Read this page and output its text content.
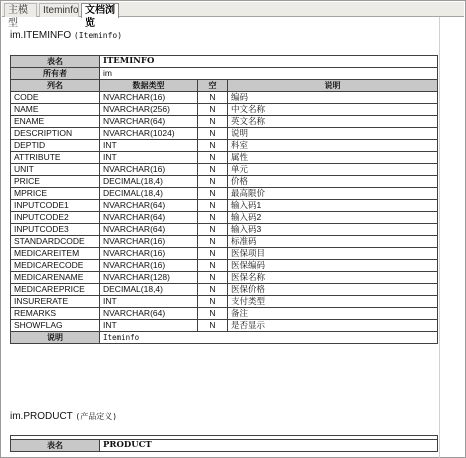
主模型
Iteminfo 文档浏览
im.ITEMINFO (Iteminfo)
表名	ITEMINFO		
所有者	im		
列名	数据类型	空	说明
CODE	NVARCHAR(16)	N	编码
NAME	NVARCHAR(256)	N	中文名称
ENAME	NVARCHAR(64)	N	英文名称
DESCRIPTION	NVARCHAR(1024)	N	说明
DEPTID	INT	N	科室
ATTRIBUTE	INT	N	属性
UNIT	NVARCHAR(16)	N	单元
PRICE	DECIMAL(18,4)	N	价格
MPRICE	DECIMAL(18,4)	N	最高限价
INPUTCODE1	NVARCHAR(64)	N	输入码1
INPUTCODE2	NVARCHAR(64)	N	输入码2
INPUTCODE3	NVARCHAR(64)	N	输入码3
STANDARDCODE	NVARCHAR(16)	N	标准码
MEDICAREITEM	NVARCHAR(16)	N	医保项目
MEDICARECODE	NVARCHAR(16)	N	医保编码
MEDICARENAME	NVARCHAR(128)	N	医保名称
MEDICAREPRICE	DECIMAL(18,4)	N	医保价格
INSURERATE	INT	N	支付类型
REMARKS	NVARCHAR(64)	N	备注
SHOWFLAG	INT	N	是否显示
说明	Iteminfo		
im.PRODUCT (产品定义)

表名	PRODUCT
